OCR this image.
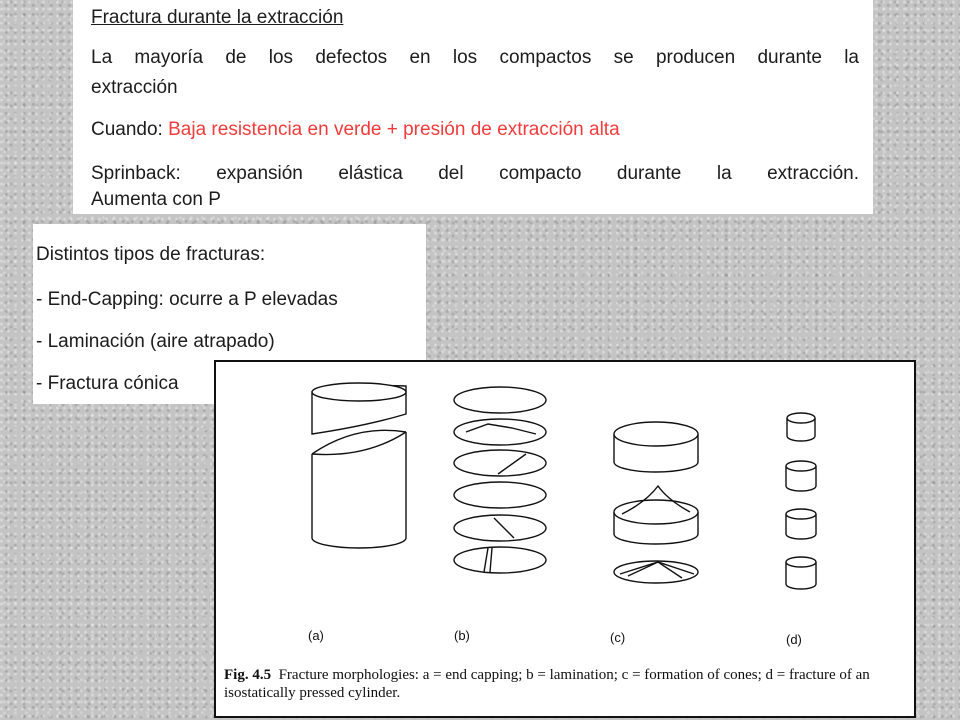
Fractura durante la extracción
La mayoría de los defectos en los compactos se producen durante la
extracción
Cuando: Baja resistencia en verde + presión de extracción alta
Sprinback: expansión elástica del compacto durante la extracción.
Aumenta con P
Distintos tipos de fracturas:
- End-Capping: ocurre a P elevadas
- Laminación (aire atrapado)
- Fractura cónica
(a)	(b)	(c)	(d)
Fig. 4.5 Fracture morphologies: a = end capping; b = lamination; c = formation of cones; d = fracture of an isostatically pressed cylinder.
